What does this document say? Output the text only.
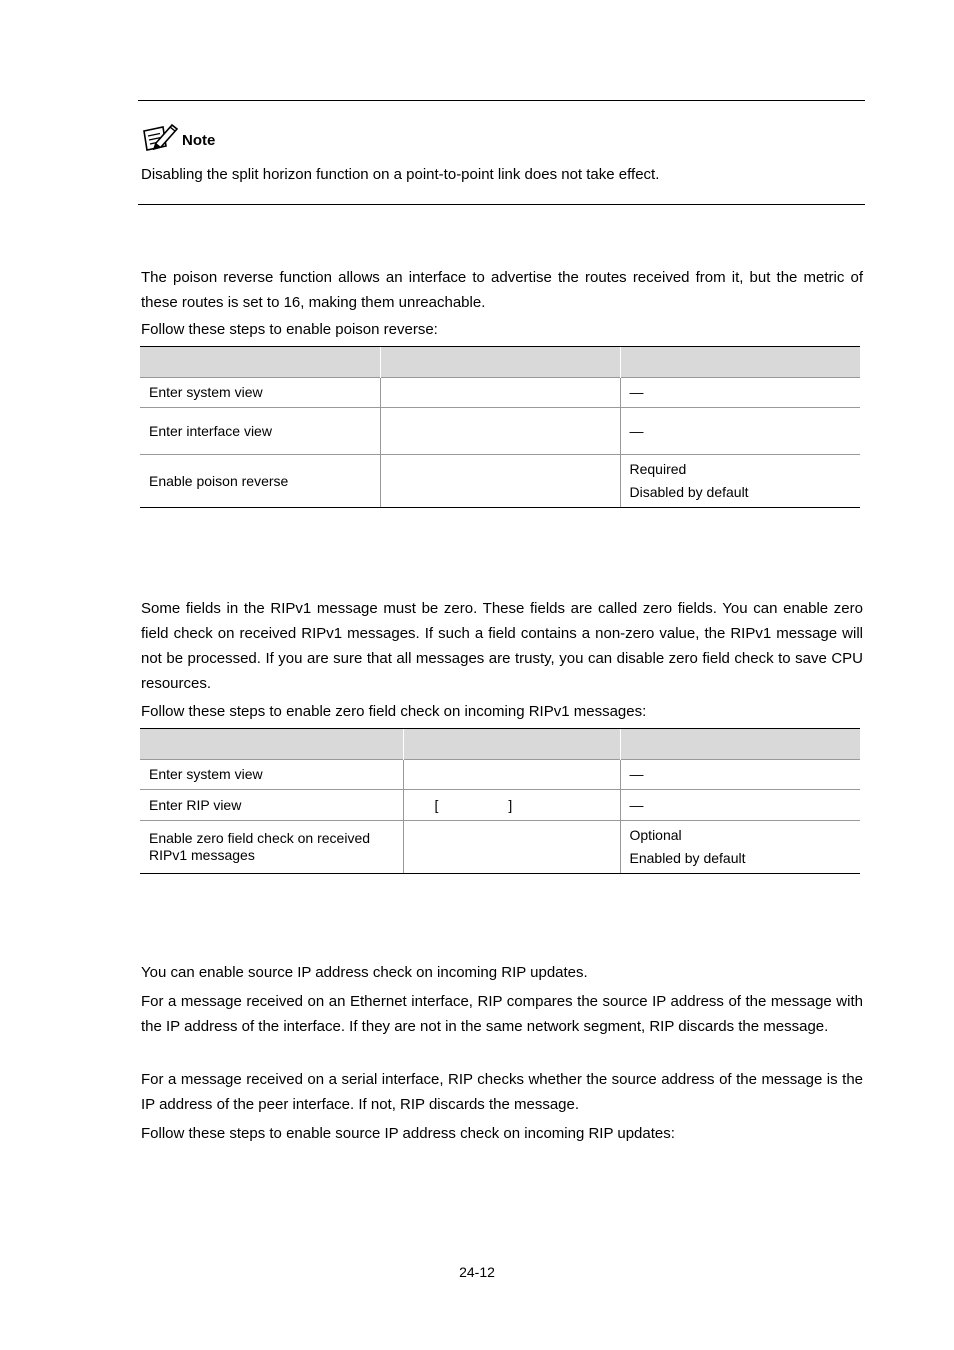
Note
Disabling the split horizon function on a point-to-point link does not take effect.

The poison reverse function allows an interface to advertise the routes received from it, but the metric of these routes is set to 16, making them unreachable.

Follow these steps to enable poison reverse:

Enter system view		—
Enter interface view		—
Enable poison reverse		Required
Disabled by default

Some fields in the RIPv1 message must be zero. These fields are called zero fields. You can enable zero field check on received RIPv1 messages. If such a field contains a non-zero value, the RIPv1 message will not be processed. If you are sure that all messages are trusty, you can disable zero field check to save CPU resources.

Follow these steps to enable zero field check on incoming RIPv1 messages:

Enter system view		—
Enter RIP view	[                  ]	—
Enable zero field check on received RIPv1 messages		Optional
Enabled by default

You can enable source IP address check on incoming RIP updates.

For a message received on an Ethernet interface, RIP compares the source IP address of the message with the IP address of the interface. If they are not in the same network segment, RIP discards the message.

For a message received on a serial interface, RIP checks whether the source address of the message is the IP address of the peer interface. If not, RIP discards the message.

Follow these steps to enable source IP address check on incoming RIP updates:

24-12
